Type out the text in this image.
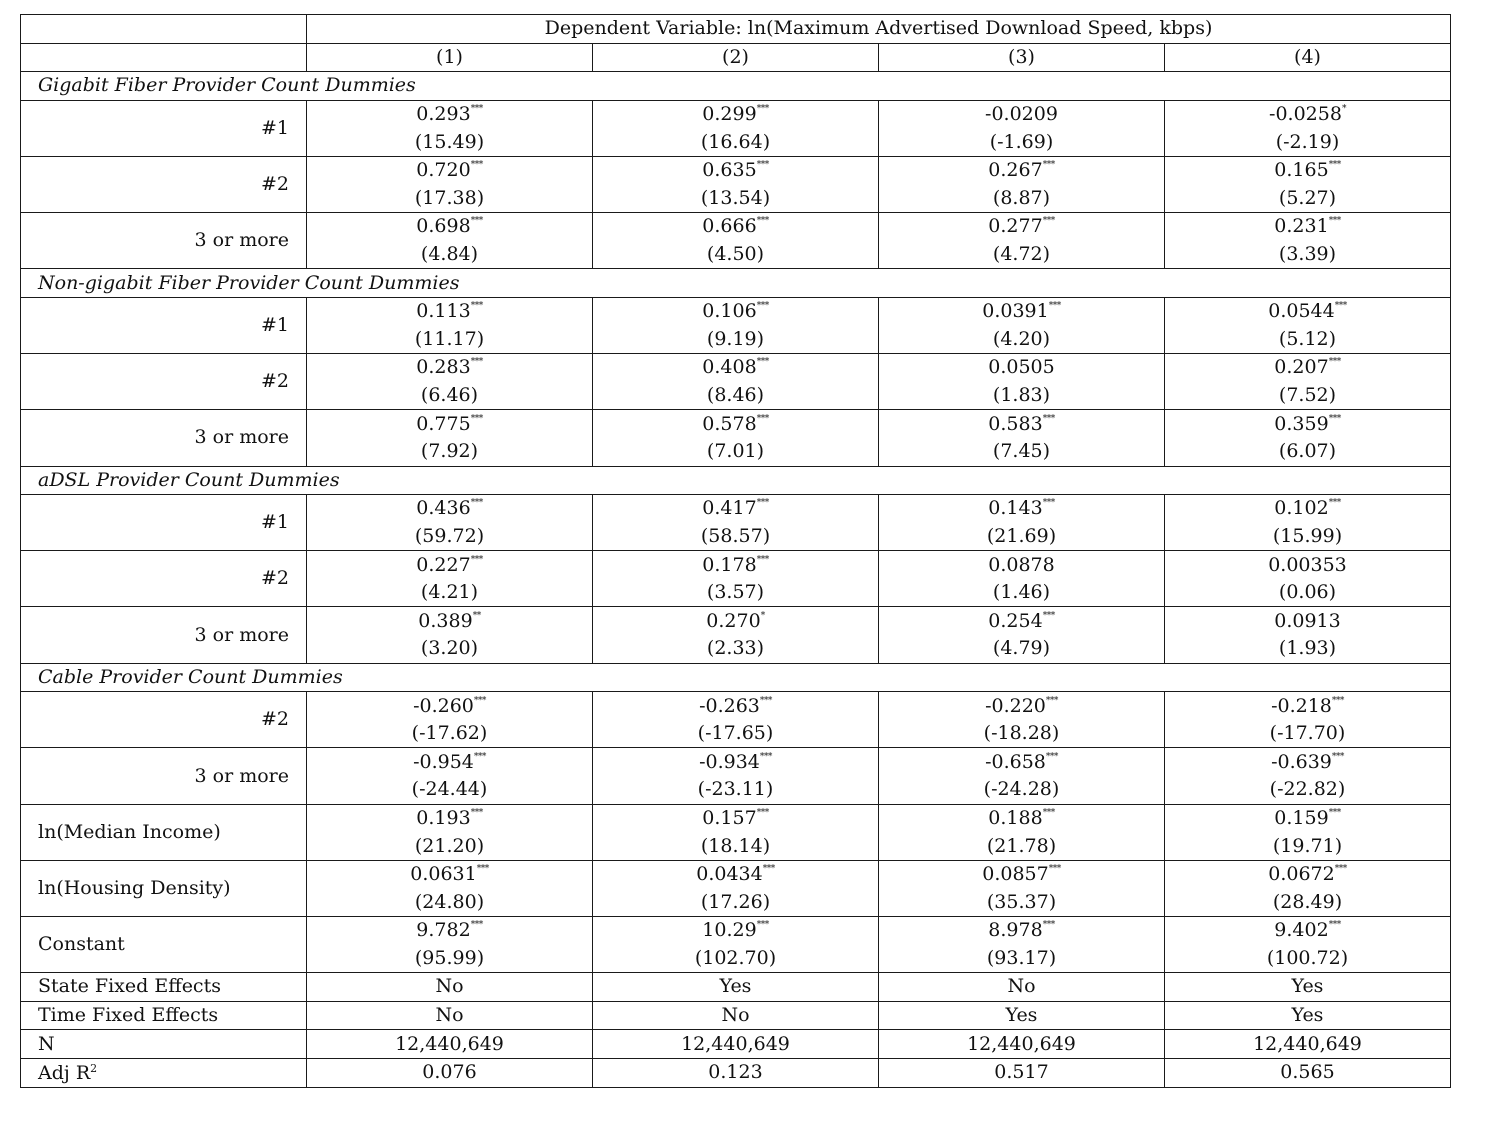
	Dependent Variable: ln(Maximum Advertised Download Speed, kbps)			
	(1)	(2)	(3)	(4)
Gigabit Fiber Provider Count Dummies				
#1	0.293***	0.299***	-0.0209	-0.0258*
	(15.49)	(16.64)	(-1.69)	(-2.19)
#2	0.720***	0.635***	0.267***	0.165***
	(17.38)	(13.54)	(8.87)	(5.27)
3 or more	0.698***	0.666***	0.277***	0.231***
	(4.84)	(4.50)	(4.72)	(3.39)
Non-gigabit Fiber Provider Count Dummies				
#1	0.113***	0.106***	0.0391***	0.0544***
	(11.17)	(9.19)	(4.20)	(5.12)
#2	0.283***	0.408***	0.0505	0.207***
	(6.46)	(8.46)	(1.83)	(7.52)
3 or more	0.775***	0.578***	0.583***	0.359***
	(7.92)	(7.01)	(7.45)	(6.07)
aDSL Provider Count Dummies				
#1	0.436***	0.417***	0.143***	0.102***
	(59.72)	(58.57)	(21.69)	(15.99)
#2	0.227***	0.178***	0.0878	0.00353
	(4.21)	(3.57)	(1.46)	(0.06)
3 or more	0.389**	0.270*	0.254***	0.0913
	(3.20)	(2.33)	(4.79)	(1.93)
Cable Provider Count Dummies				
#2	-0.260***	-0.263***	-0.220***	-0.218***
	(-17.62)	(-17.65)	(-18.28)	(-17.70)
3 or more	-0.954***	-0.934***	-0.658***	-0.639***
	(-24.44)	(-23.11)	(-24.28)	(-22.82)
ln(Median Income)	0.193***	0.157***	0.188***	0.159***
	(21.20)	(18.14)	(21.78)	(19.71)
ln(Housing Density)	0.0631***	0.0434***	0.0857***	0.0672***
	(24.80)	(17.26)	(35.37)	(28.49)
Constant	9.782***	10.29***	8.978***	9.402***
	(95.99)	(102.70)	(93.17)	(100.72)
State Fixed Effects	No	Yes	No	Yes
Time Fixed Effects	No	No	Yes	Yes
N	12,440,649	12,440,649	12,440,649	12,440,649
Adj $R^2$	0.076	0.123	0.517	0.565
